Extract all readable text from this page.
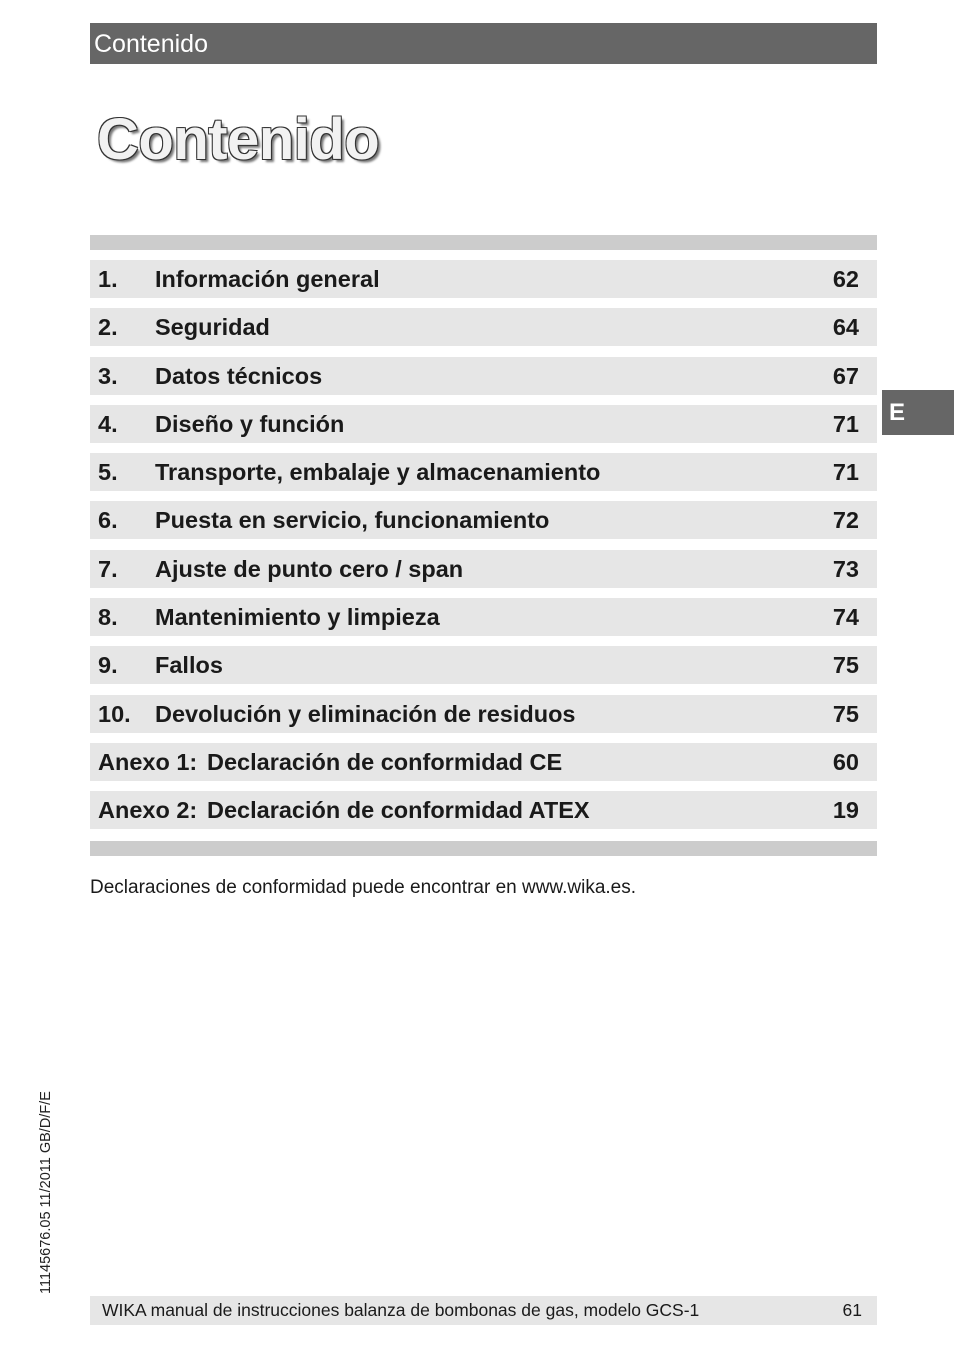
Contenido
Contenido
1. Información general	62
2. Seguridad	64
3. Datos técnicos	67
4. Diseño y función	71
5. Transporte, embalaje y almacenamiento	71
6. Puesta en servicio, funcionamiento	72
7. Ajuste de punto cero / span	73
8. Mantenimiento y limpieza	74
9. Fallos	75
10. Devolución y eliminación de residuos	75
Anexo 1: Declaración de conformidad CE	60
Anexo 2: Declaración de conformidad ATEX	19
Declaraciones de conformidad puede encontrar en www.wika.es.
E
11145676.05 11/2011 GB/D/F/E
WIKA manual de instrucciones balanza de bombonas de gas, modelo GCS-1	61
